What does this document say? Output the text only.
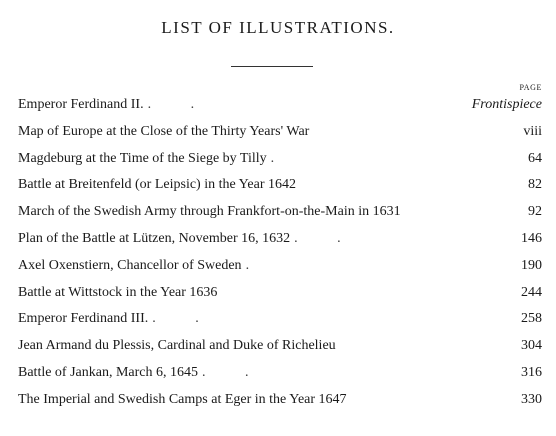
LIST OF ILLUSTRATIONS.
PAGE
Emperor Ferdinand II. . .	Frontispiece
Map of Europe at the Close of the Thirty Years' War	viii
Magdeburg at the Time of the Siege by Tilly .	64
Battle at Breitenfeld (or Leipsic) in the Year 1642	82
March of the Swedish Army through Frankfort-on-the-Main in 1631	92
Plan of the Battle at Lützen, November 16, 1632 . .	146
Axel Oxenstiern, Chancellor of Sweden .	190
Battle at Wittstock in the Year 1636	244
Emperor Ferdinand III. . .	258
Jean Armand du Plessis, Cardinal and Duke of Richelieu	304
Battle of Jankan, March 6, 1645 . .	316
The Imperial and Swedish Camps at Eger in the Year 1647	330
